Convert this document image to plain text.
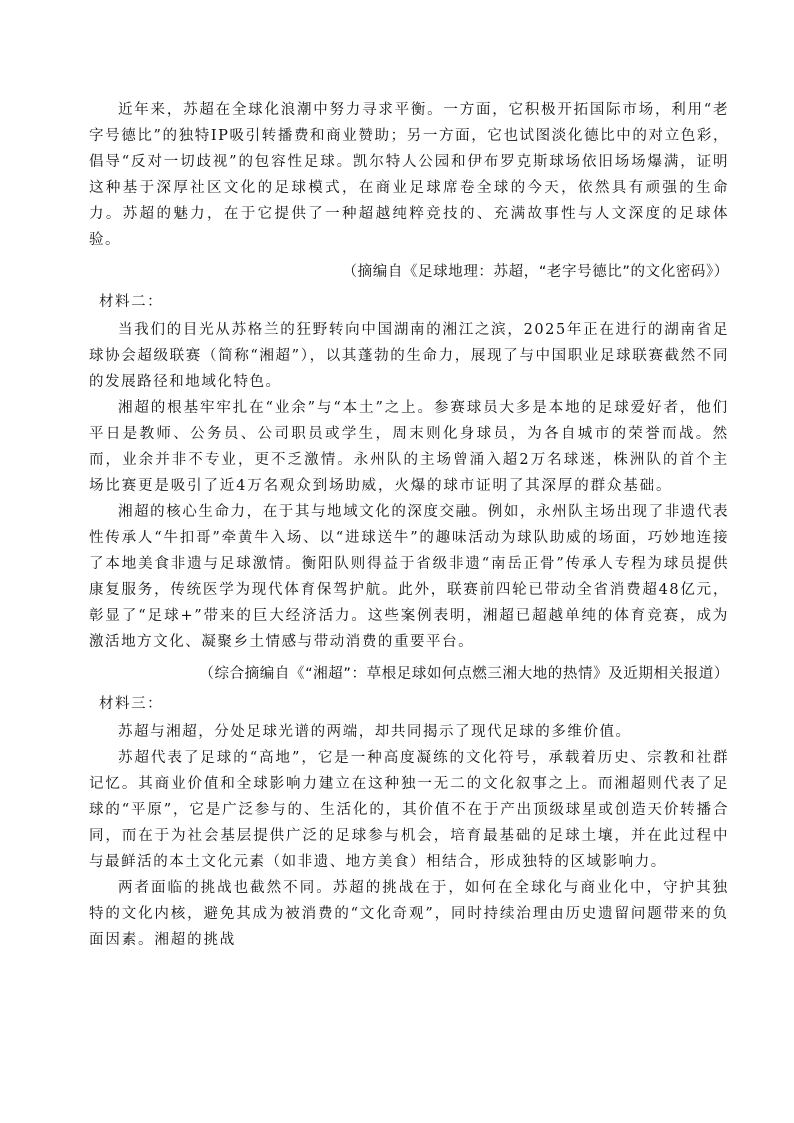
近年来，苏超在全球化浪潮中努力寻求平衡。一方面，它积极开拓国际市场，利用“老字号德比”的独特IP吸引转播费和商业赞助；另一方面，它也试图淡化德比中的对立色彩，倡导“反对一切歧视”的包容性足球。凯尔特人公园和伊布罗克斯球场依旧场场爆满，证明这种基于深厚社区文化的足球模式，在商业足球席卷全球的今天，依然具有顽强的生命力。苏超的魅力，在于它提供了一种超越纯粹竞技的、充满故事性与人文深度的足球体验。

（摘编自《足球地理：苏超，“老字号德比”的文化密码》）

材料二：

当我们的目光从苏格兰的狂野转向中国湖南的湘江之滨，2025年正在进行的湖南省足球协会超级联赛（简称“湘超”），以其蓬勃的生命力，展现了与中国职业足球联赛截然不同的发展路径和地域化特色。

湘超的根基牢牢扎在“业余”与“本土”之上。参赛球员大多是本地的足球爱好者，他们平日是教师、公务员、公司职员或学生，周末则化身球员，为各自城市的荣誉而战。然而，业余并非不专业，更不乏激情。永州队的主场曾涌入超2万名球迷，株洲队的首个主场比赛更是吸引了近4万名观众到场助威，火爆的球市证明了其深厚的群众基础。

湘超的核心生命力，在于其与地域文化的深度交融。例如，永州队主场出现了非遗代表性传承人“牛扣哥”牵黄牛入场、以“进球送牛”的趣味活动为球队助威的场面，巧妙地连接了本地美食非遗与足球激情。衡阳队则得益于省级非遗“南岳正骨”传承人专程为球员提供康复服务，传统医学为现代体育保驾护航。此外，联赛前四轮已带动全省消费超48亿元，彰显了“足球+”带来的巨大经济活力。这些案例表明，湘超已超越单纯的体育竞赛，成为激活地方文化、凝聚乡土情感与带动消费的重要平台。

（综合摘编自《“湘超”：草根足球如何点燃三湘大地的热情》及近期相关报道）

材料三：

苏超与湘超，分处足球光谱的两端，却共同揭示了现代足球的多维价值。

苏超代表了足球的“高地”，它是一种高度凝练的文化符号，承载着历史、宗教和社群记忆。其商业价值和全球影响力建立在这种独一无二的文化叙事之上。而湘超则代表了足球的“平原”，它是广泛参与的、生活化的，其价值不在于产出顶级球星或创造天价转播合同，而在于为社会基层提供广泛的足球参与机会，培育最基础的足球土壤，并在此过程中与最鲜活的本土文化元素（如非遗、地方美食）相结合，形成独特的区域影响力。

两者面临的挑战也截然不同。苏超的挑战在于，如何在全球化与商业化中，守护其独特的文化内核，避免其成为被消费的“文化奇观”，同时持续治理由历史遗留问题带来的负面因素。湘超的挑战
